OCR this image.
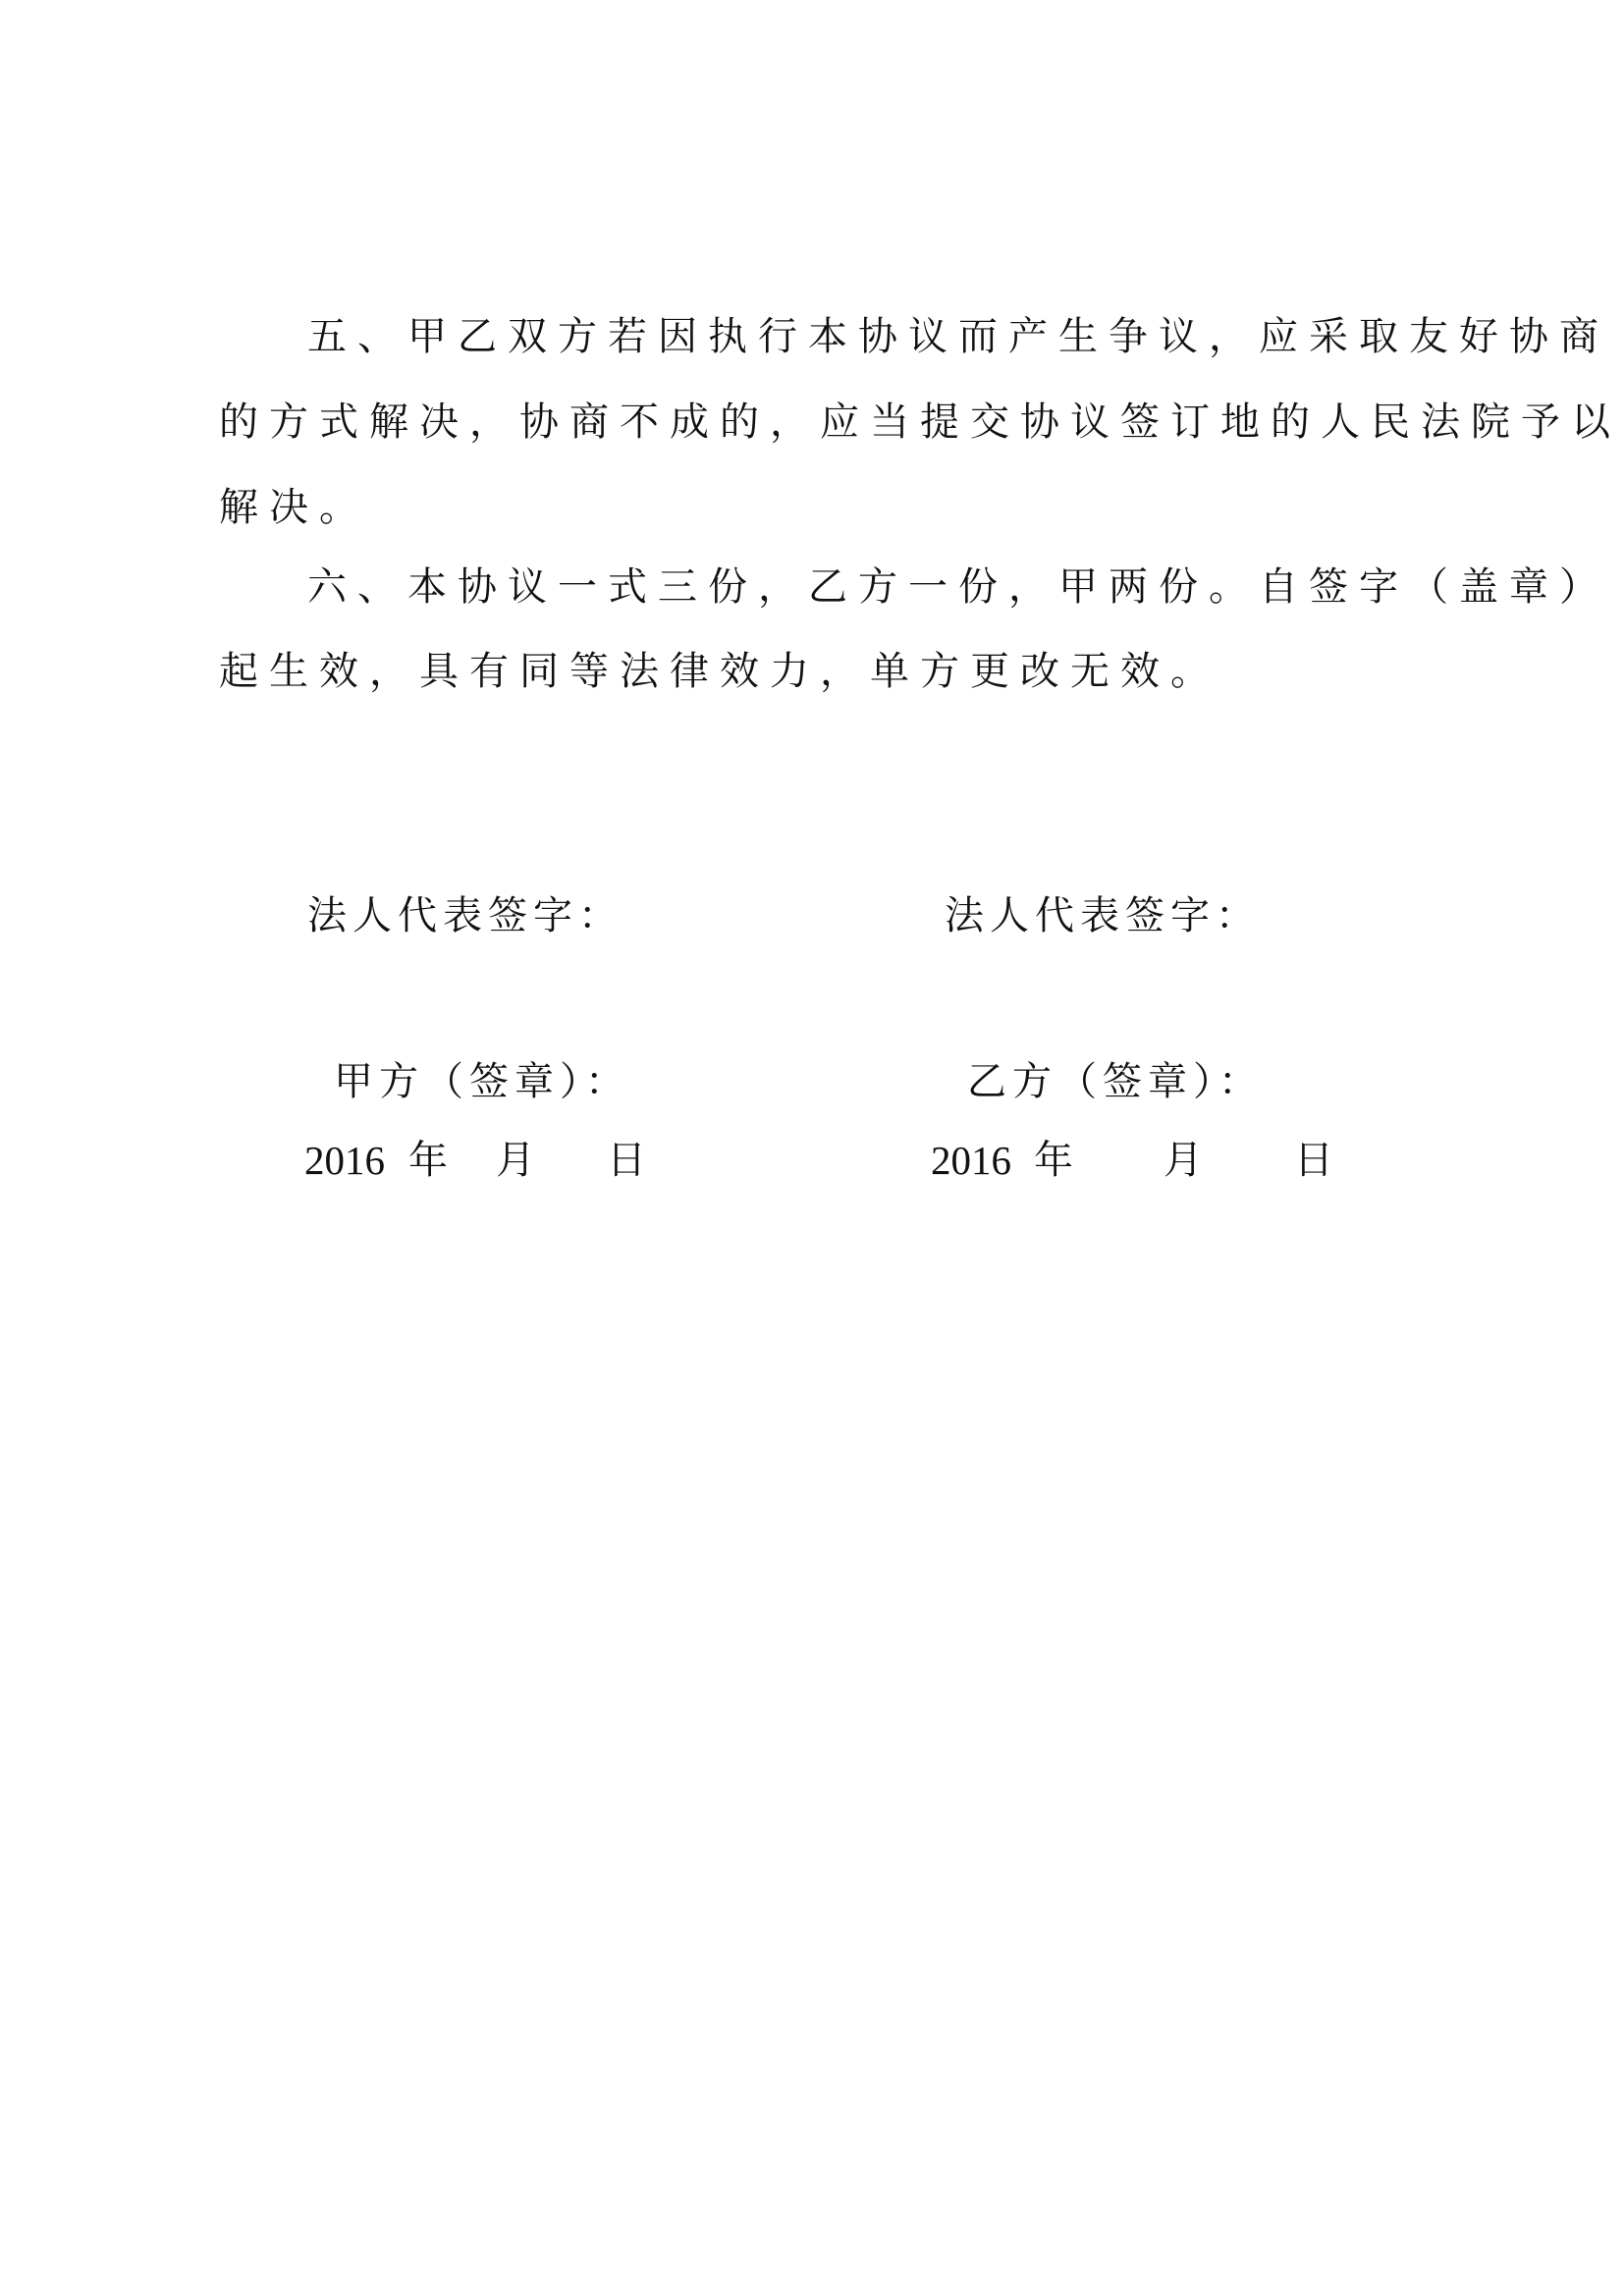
五、甲乙双方若因执行本协议而产生争议，应采取友好协商
的方式解决，协商不成的，应当提交协议签订地的人民法院予以
解决。
六、本协议一式三份，乙方一份，甲两份。自签字（盖章）
起生效，具有同等法律效力，单方更改无效。
法人代表签字：
甲方（签章）：
2016 年 月 日
法人代表签字：
乙方（签章）：
2016 年 月 日
